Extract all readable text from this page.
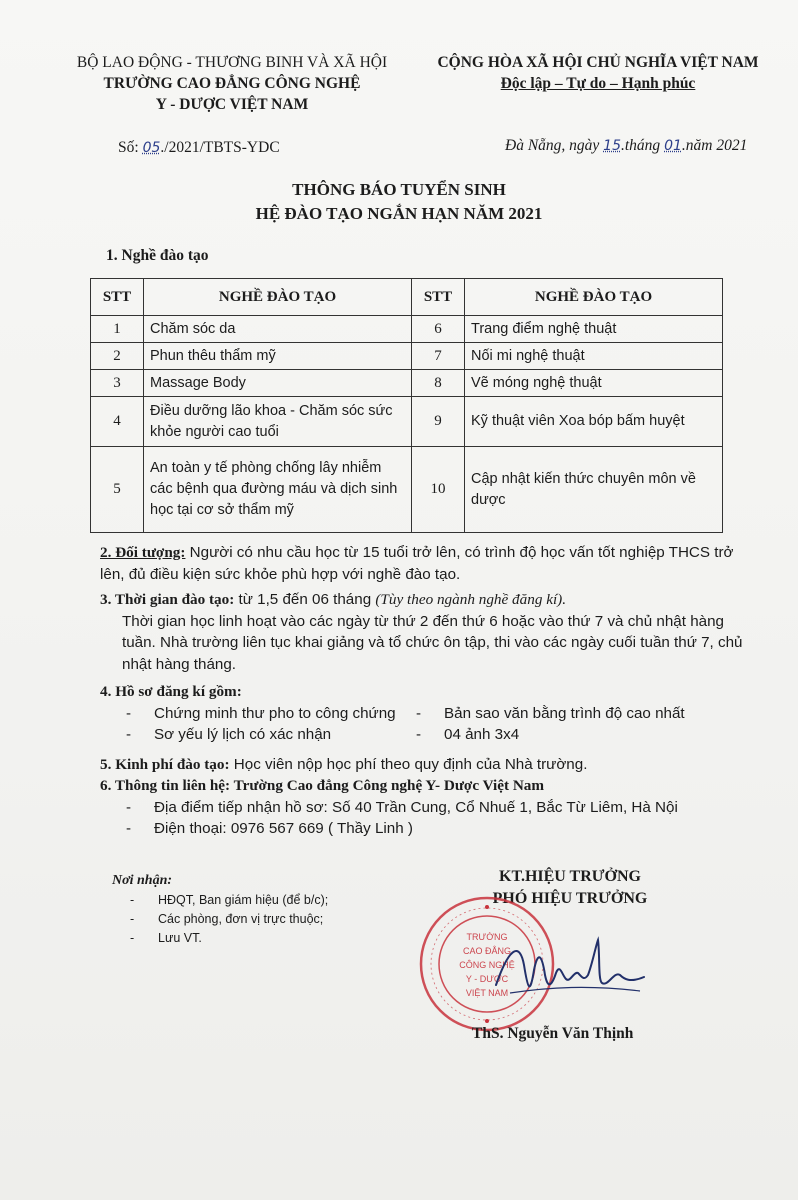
BỘ LAO ĐỘNG - THƯƠNG BINH VÀ XÃ HỘI
TRƯỜNG CAO ĐẲNG CÔNG NGHỆ
Y - DƯỢC VIỆT NAM
CỘNG HÒA XÃ HỘI CHỦ NGHĨA VIỆT NAM
Độc lập – Tự do – Hạnh phúc
Số: 05./2021/TBTS-YDC	Đà Nẵng, ngày 15.tháng 01.năm 2021
THÔNG BÁO TUYỂN SINH
HỆ ĐÀO TẠO NGẮN HẠN NĂM 2021
1. Nghề đào tạo
STT	NGHỀ ĐÀO TẠO	STT	NGHỀ ĐÀO TẠO
1	Chăm sóc da	6	Trang điểm nghệ thuật
2	Phun thêu thẩm mỹ	7	Nối mi nghệ thuật
3	Massage Body	8	Vẽ móng nghệ thuật
4	Điều dưỡng lão khoa - Chăm sóc sức khỏe người cao tuổi	9	Kỹ thuật viên Xoa bóp bấm huyệt
5	An toàn y tế phòng chống lây nhiễm các bệnh qua đường máu và dịch sinh học tại cơ sở thẩm mỹ	10	Cập nhật kiến thức chuyên môn về dược

2. Đối tượng: Người có nhu cầu học từ 15 tuổi trở lên, có trình độ học vấn tốt nghiệp THCS trở lên, đủ điều kiện sức khỏe phù hợp với nghề đào tạo.

3. Thời gian đào tạo: từ 1,5 đến 06 tháng (Tùy theo ngành nghề đăng kí).

Thời gian học linh hoạt vào các ngày từ thứ 2 đến thứ 6 hoặc vào thứ 7 và chủ nhật hàng tuần. Nhà trường liên tục khai giảng và tổ chức ôn tập, thi vào các ngày cuối tuần thứ 7, chủ nhật hàng tháng.

4. Hồ sơ đăng kí gồm:

- Chứng minh thư pho to công chứng	- Bản sao văn bằng trình độ cao nhất
- Sơ yếu lý lịch có xác nhận	- 04 ảnh 3x4

5. Kinh phí đào tạo: Học viên nộp học phí theo quy định của Nhà trường.

6. Thông tin liên hệ: Trường Cao đẳng Công nghệ Y- Dược Việt Nam

-	Địa điểm tiếp nhận hồ sơ: Số 40 Trần Cung, Cổ Nhuế 1, Bắc Từ Liêm, Hà Nội
-	Điện thoại: 0976 567 669 ( Thầy Linh )
Nơi nhận:
- HĐQT, Ban giám hiệu (để b/c);
- Các phòng, đơn vị trực thuộc;
- Lưu VT.
KT.HIỆU TRƯỞNG
PHÓ HIỆU TRƯỞNG
TRƯỜNG
CAO ĐẲNG
CÔNG NGHỆ
Y - DƯỢC
VIỆT NAM
ThS. Nguyễn Văn Thịnh
